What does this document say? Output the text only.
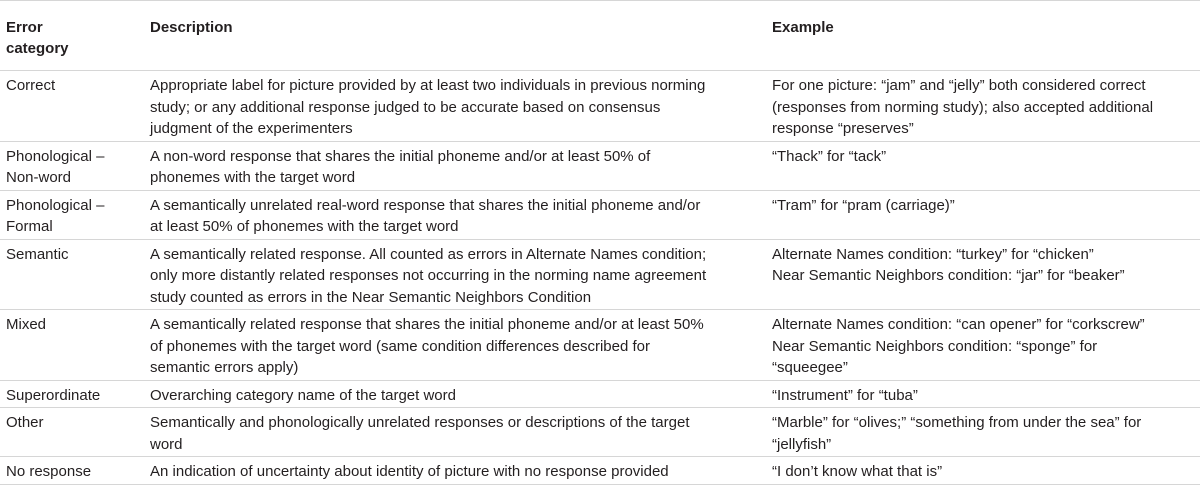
Error
category	Description	Example

Correct	Appropriate label for picture provided by at least two individuals in previous norming
study; or any additional response judged to be accurate based on consensus
judgment of the experimenters	For one picture: “jam” and “jelly” both considered correct
(responses from norming study); also accepted additional
response “preserves”

Phonological –
Non-word	A non-word response that shares the initial phoneme and/or at least 50% of
phonemes with the target word	“Thack” for “tack”

Phonological –
Formal	A semantically unrelated real-word response that shares the initial phoneme and/or
at least 50% of phonemes with the target word	“Tram” for “pram (carriage)”

Semantic	A semantically related response. All counted as errors in Alternate Names condition;
only more distantly related responses not occurring in the norming name agreement
study counted as errors in the Near Semantic Neighbors Condition	Alternate Names condition: “turkey” for “chicken”
Near Semantic Neighbors condition: “jar” for “beaker”

Mixed	A semantically related response that shares the initial phoneme and/or at least 50%
of phonemes with the target word (same condition differences described for
semantic errors apply)	Alternate Names condition: “can opener” for “corkscrew”
Near Semantic Neighbors condition: “sponge” for
“squeegee”

Superordinate	Overarching category name of the target word	“Instrument” for “tuba”

Other	Semantically and phonologically unrelated responses or descriptions of the target
word	“Marble” for “olives;” “something from under the sea” for
“jellyfish”

No response	An indication of uncertainty about identity of picture with no response provided	“I don’t know what that is”
